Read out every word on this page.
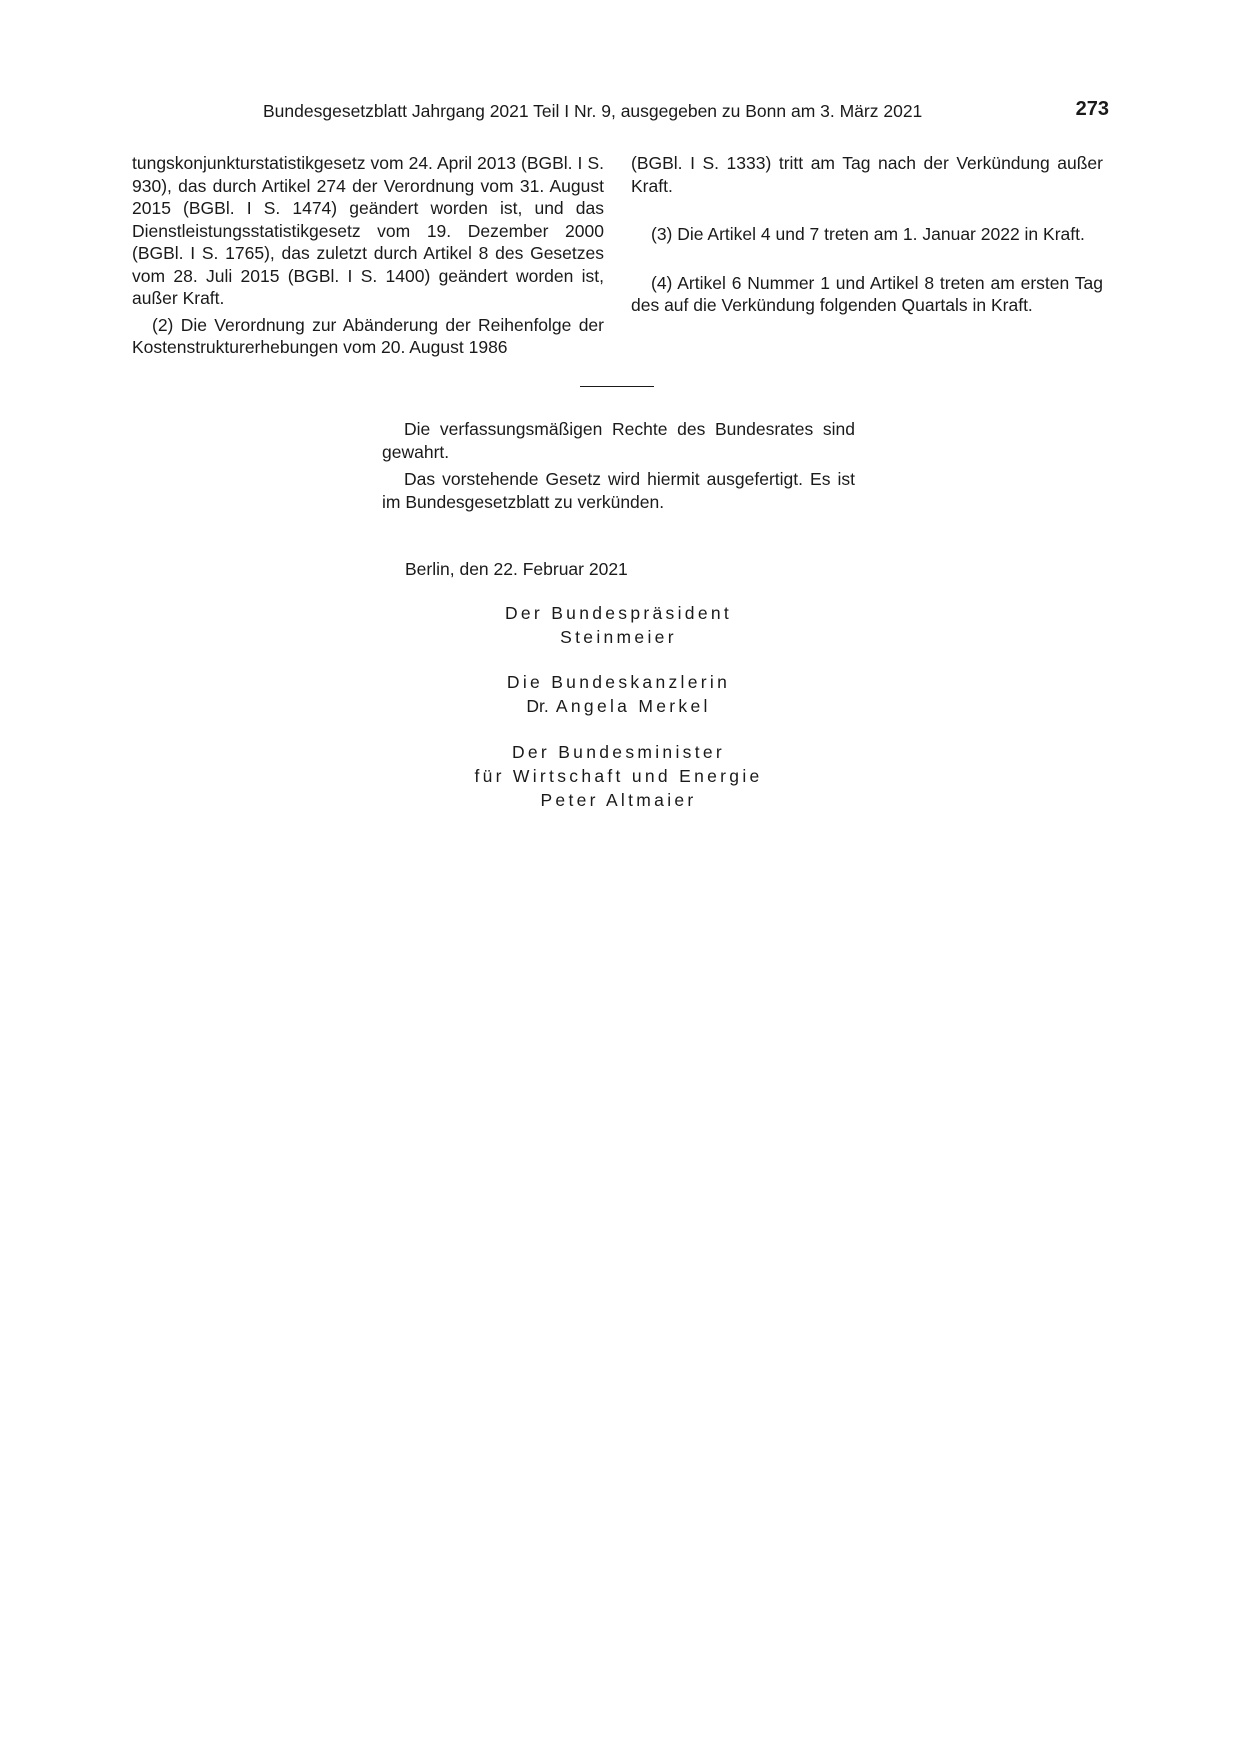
Bundesgesetzblatt Jahrgang 2021 Teil I Nr. 9, ausgegeben zu Bonn am 3. März 2021	273

tungskonjunkturstatistikgesetz vom 24. April 2013 (BGBl. I S. 930), das durch Artikel 274 der Verordnung vom 31. August 2015 (BGBl. I S. 1474) geändert worden ist, und das Dienstleistungsstatistikgesetz vom 19. Dezember 2000 (BGBl. I S. 1765), das zuletzt durch Artikel 8 des Gesetzes vom 28. Juli 2015 (BGBl. I S. 1400) geändert worden ist, außer Kraft.

(2) Die Verordnung zur Abänderung der Reihenfolge der Kostenstrukturerhebungen vom 20. August 1986

(BGBl. I S. 1333) tritt am Tag nach der Verkündung außer Kraft.

(3) Die Artikel 4 und 7 treten am 1. Januar 2022 in Kraft.

(4) Artikel 6 Nummer 1 und Artikel 8 treten am ersten Tag des auf die Verkündung folgenden Quartals in Kraft.

Die verfassungsmäßigen Rechte des Bundesrates sind gewahrt.

Das vorstehende Gesetz wird hiermit ausgefertigt. Es ist im Bundesgesetzblatt zu verkünden.

Berlin, den 22. Februar 2021
Der Bundespräsident
Steinmeier
Die Bundeskanzlerin
Dr. Angela Merkel
Der Bundesminister
für Wirtschaft und Energie
Peter Altmaier
